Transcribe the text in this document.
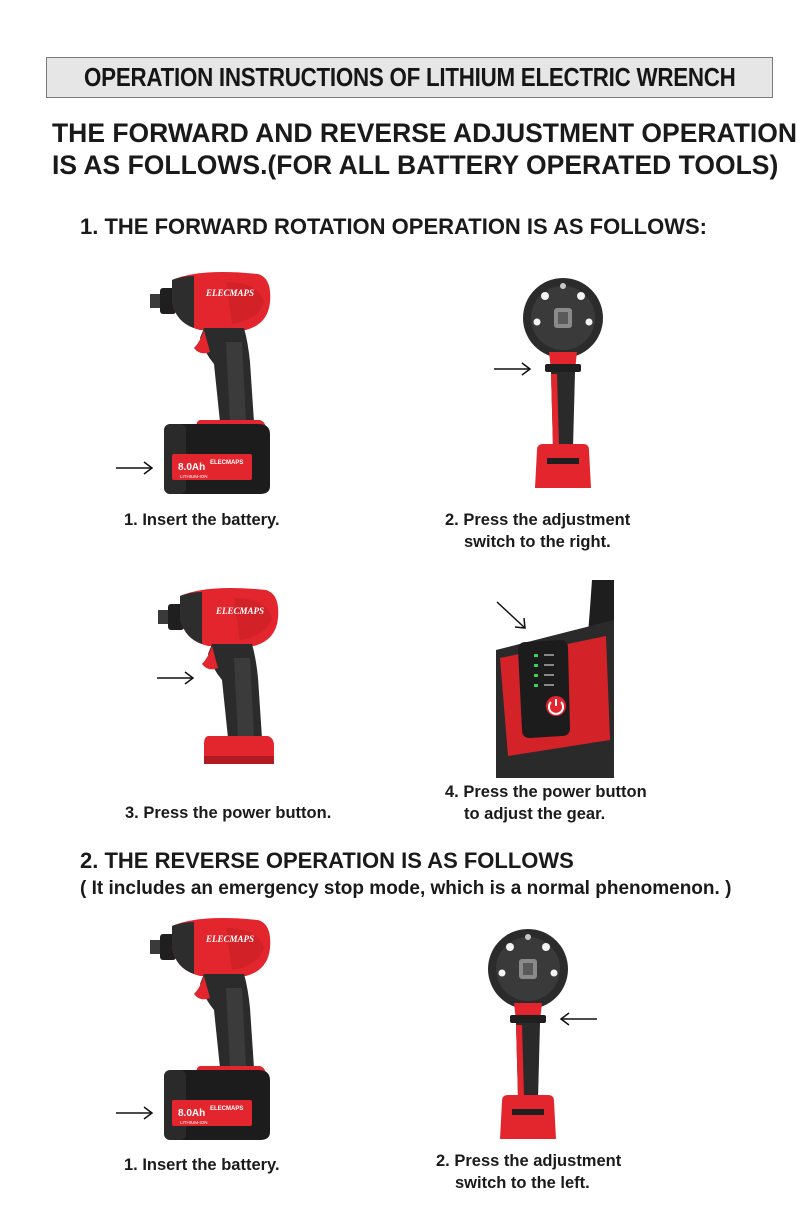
OPERATION INSTRUCTIONS OF LITHIUM ELECTRIC WRENCH
THE FORWARD AND REVERSE ADJUSTMENT OPERATION
IS AS FOLLOWS.(FOR ALL BATTERY OPERATED TOOLS)
1. THE FORWARD ROTATION OPERATION IS AS FOLLOWS:
8.0Ah ELECMAPS
LITHIUM-ION
ELECMAPS
1. Insert the battery.	2. Press the adjustment
switch to the right.
ELECMAPS
3. Press the power button.
4. Press the power button
to adjust the gear.
2. THE REVERSE OPERATION IS AS FOLLOWS
( It includes an emergency stop mode, which is a normal phenomenon. )
8.0Ah ELECMAPS
LITHIUM-ION
ELECMAPS
1. Insert the battery.	2. Press the adjustment
switch to the left.
